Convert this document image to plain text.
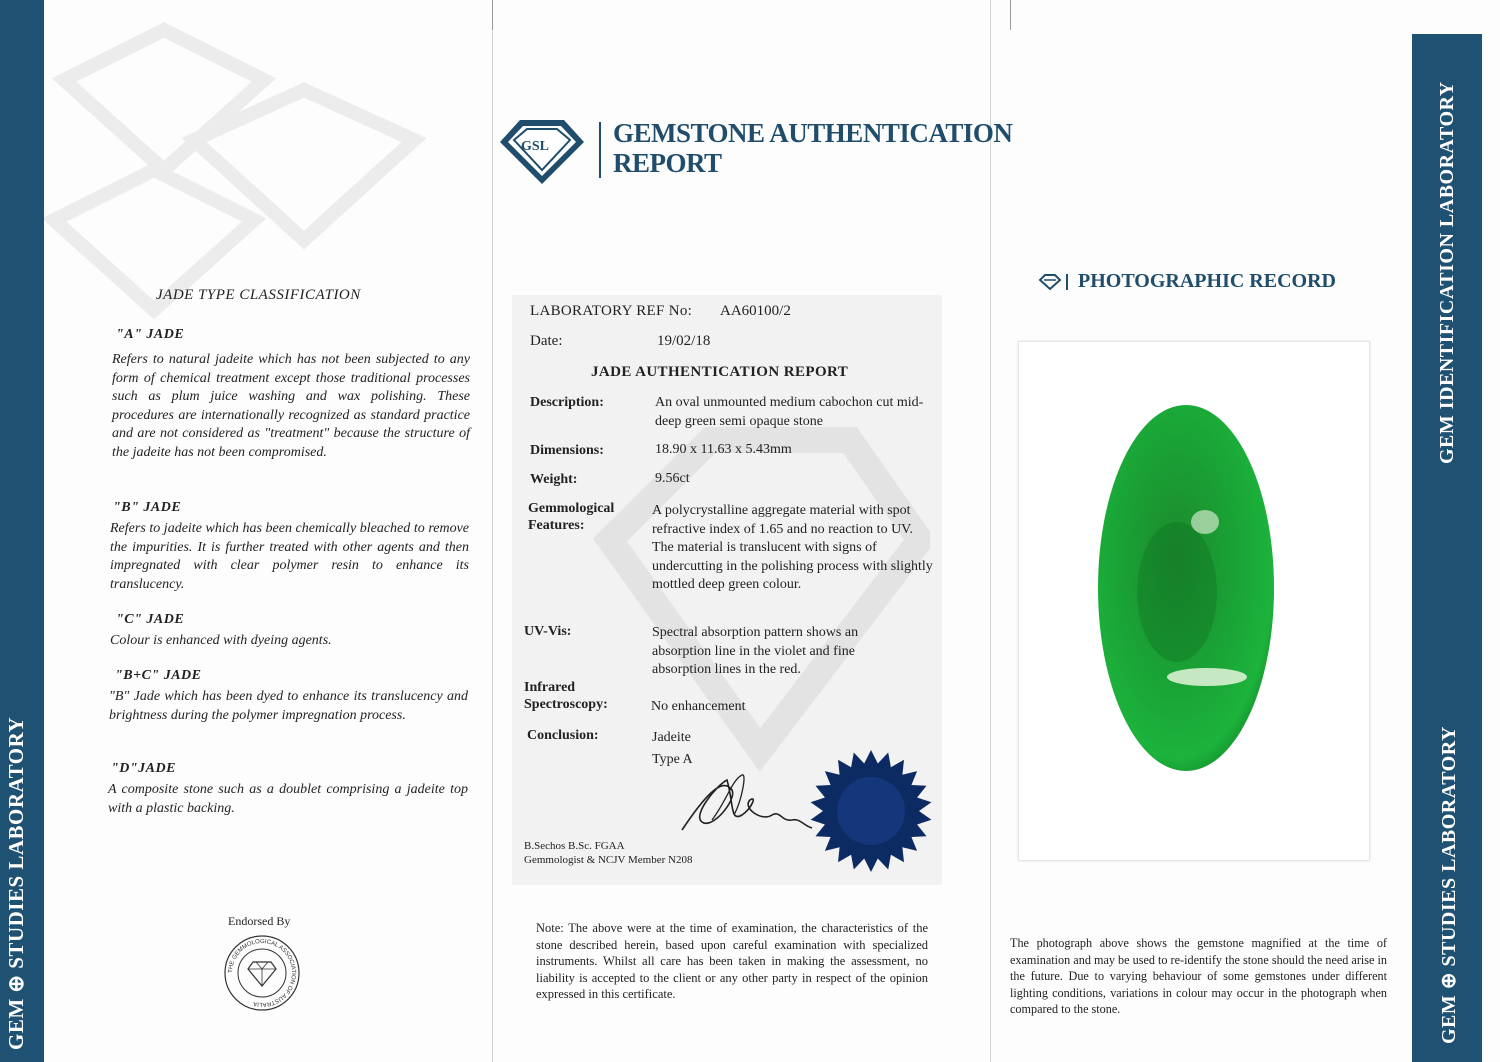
GEM ⊕ STUDIES LABORATORY
GEM IDENTIFICATION LABORATORY
GEM ⊕ STUDIES LABORATORY
GSL GEMSTONE AUTHENTICATION
REPORT
JADE TYPE CLASSIFICATION
"A" JADE
Refers to natural jadeite which has not been subjected to any form of chemical treatment except those traditional processes such as plum juice washing and wax polishing. These procedures are internationally recognized as standard practice and are not considered as "treatment" because the structure of the jadeite has not been compromised.
"B" JADE
Refers to jadeite which has been chemically bleached to remove the impurities. It is further treated with other agents and then impregnated with clear polymer resin to enhance its translucency.
"C" JADE
Colour is enhanced with dyeing agents.
"B+C" JADE
"B" Jade which has been dyed to enhance its translucency and brightness during the polymer impregnation process.
"D"JADE
A composite stone such as a doublet comprising a jadeite top with a plastic backing.
Endorsed By
THE GEMMOLOGICAL ASSOCIATION OF AUSTRALIA
LABORATORY REF No: AA60100/2
Date:	19/02/18
JADE AUTHENTICATION REPORT
Description:	An oval unmounted medium cabochon cut mid-deep green semi opaque stone
Dimensions:	18.90 x 11.63 x 5.43mm
Weight:	9.56ct
Gemmological Features:
A polycrystalline aggregate material with spot refractive index of 1.65 and no reaction to UV. The material is translucent with signs of undercutting in the polishing process with slightly mottled deep green colour.
UV-Vis:	Spectral absorption pattern shows an absorption line in the violet and fine absorption lines in the red.
Infrared Spectroscopy:	No enhancement
Conclusion:	Jadeite
Type A
B.Sechos B.Sc. FGAA
Gemmologist & NCJV Member N208
Note: The above were at the time of examination, the characteristics of the stone described herein, based upon careful examination with specialized instruments. Whilst all care has been taken in making the assessment, no liability is accepted to the client or any other party in respect of the opinion expressed in this certificate.
PHOTOGRAPHIC RECORD
The photograph above shows the gemstone magnified at the time of examination and may be used to re-identify the stone should the need arise in the future. Due to varying behaviour of some gemstones under different lighting conditions, variations in colour may occur in the photograph when compared to the stone.
